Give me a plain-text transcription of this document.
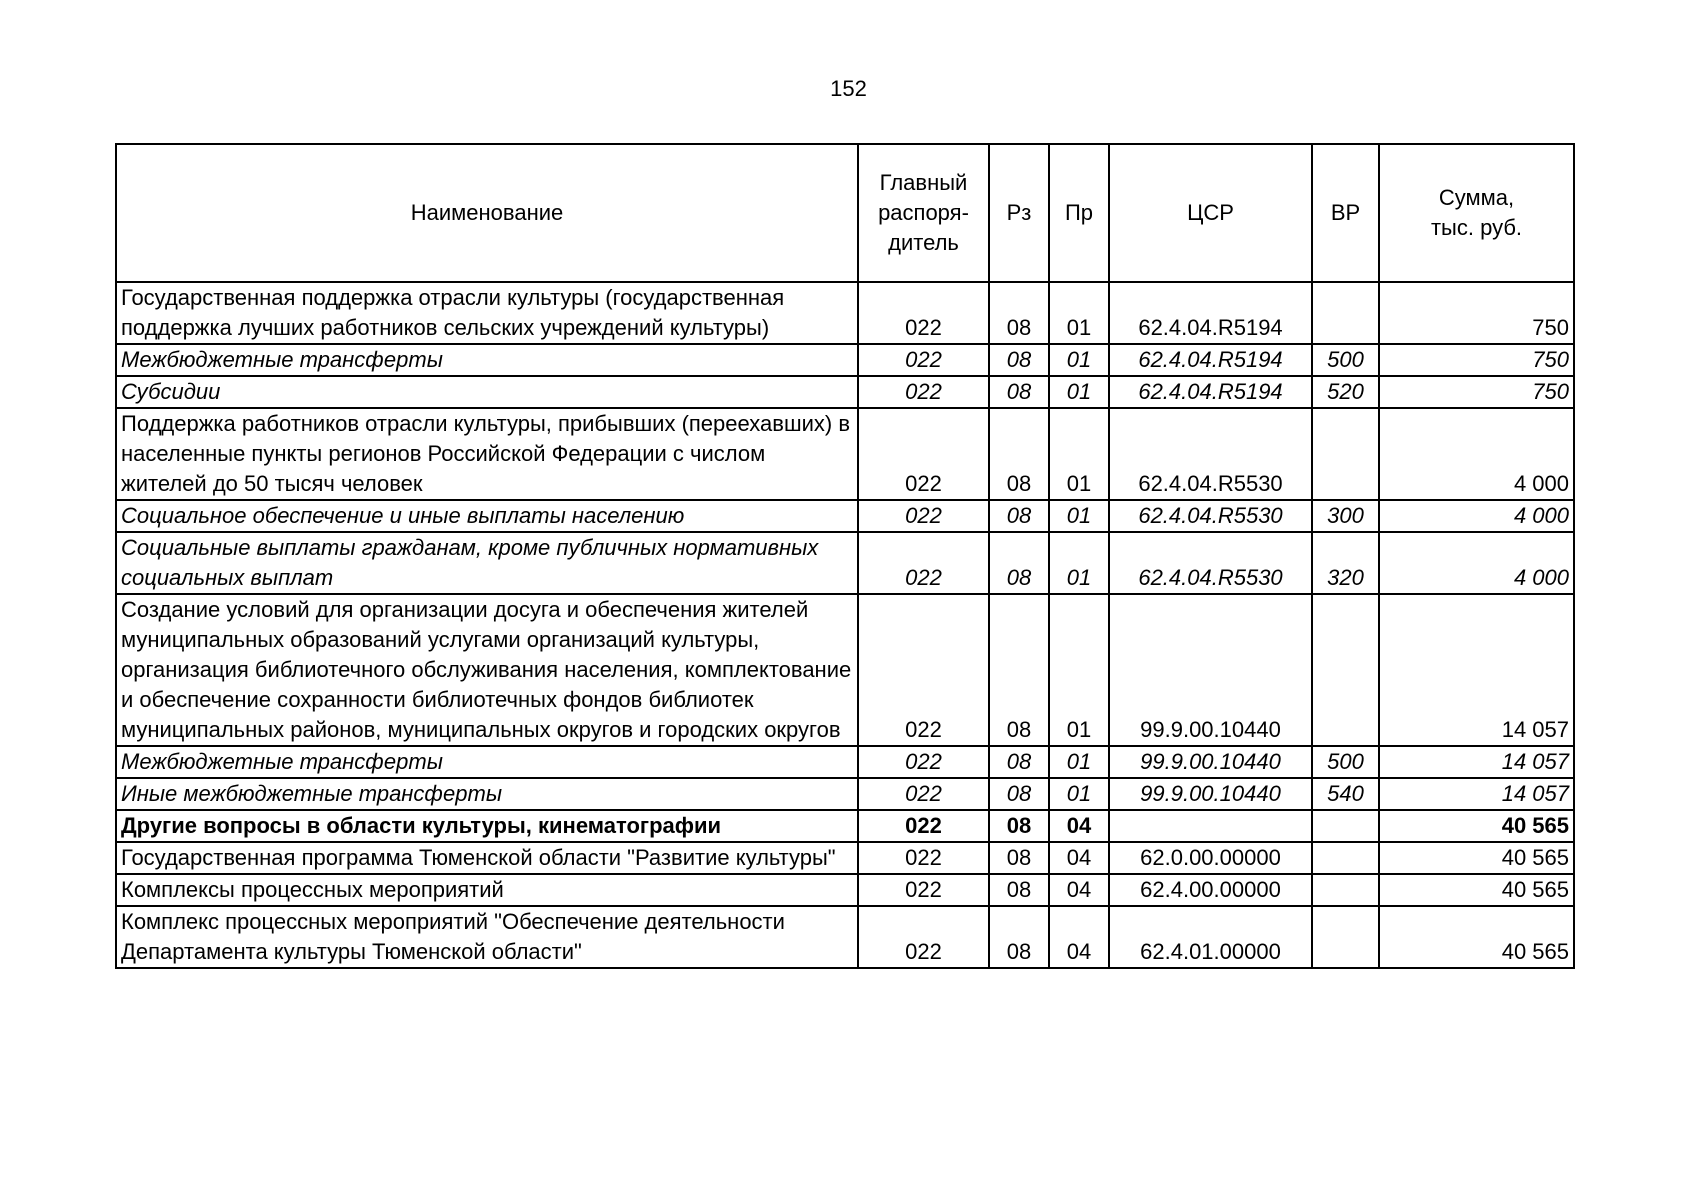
152
Наименование	Главный распоря- дитель	Рз	Пр	ЦСР	ВР	Сумма, тыс. руб.
Государственная поддержка отрасли культуры (государственная поддержка лучших работников сельских учреждений культуры)	022	08	01	62.4.04.R5194		750
Межбюджетные трансферты	022	08	01	62.4.04.R5194	500	750
Субсидии	022	08	01	62.4.04.R5194	520	750
Поддержка работников отрасли культуры, прибывших (переехавших) в населенные пункты регионов Российской Федерации с числом жителей до 50 тысяч человек	022	08	01	62.4.04.R5530		4 000
Социальное обеспечение и иные выплаты населению	022	08	01	62.4.04.R5530	300	4 000
Социальные выплаты гражданам, кроме публичных нормативных социальных выплат	022	08	01	62.4.04.R5530	320	4 000
Создание условий для организации досуга и обеспечения жителей муниципальных образований услугами организаций культуры, организация библиотечного обслуживания населения, комплектование и обеспечение сохранности библиотечных фондов библиотек муниципальных районов, муниципальных округов и городских округов	022	08	01	99.9.00.10440		14 057
Межбюджетные трансферты	022	08	01	99.9.00.10440	500	14 057
Иные межбюджетные трансферты	022	08	01	99.9.00.10440	540	14 057
Другие вопросы в области культуры, кинематографии	022	08	04			40 565
Государственная программа Тюменской области "Развитие культуры"	022	08	04	62.0.00.00000		40 565
Комплексы процессных мероприятий	022	08	04	62.4.00.00000		40 565
Комплекс процессных мероприятий "Обеспечение деятельности Департамента культуры Тюменской области"	022	08	04	62.4.01.00000		40 565
